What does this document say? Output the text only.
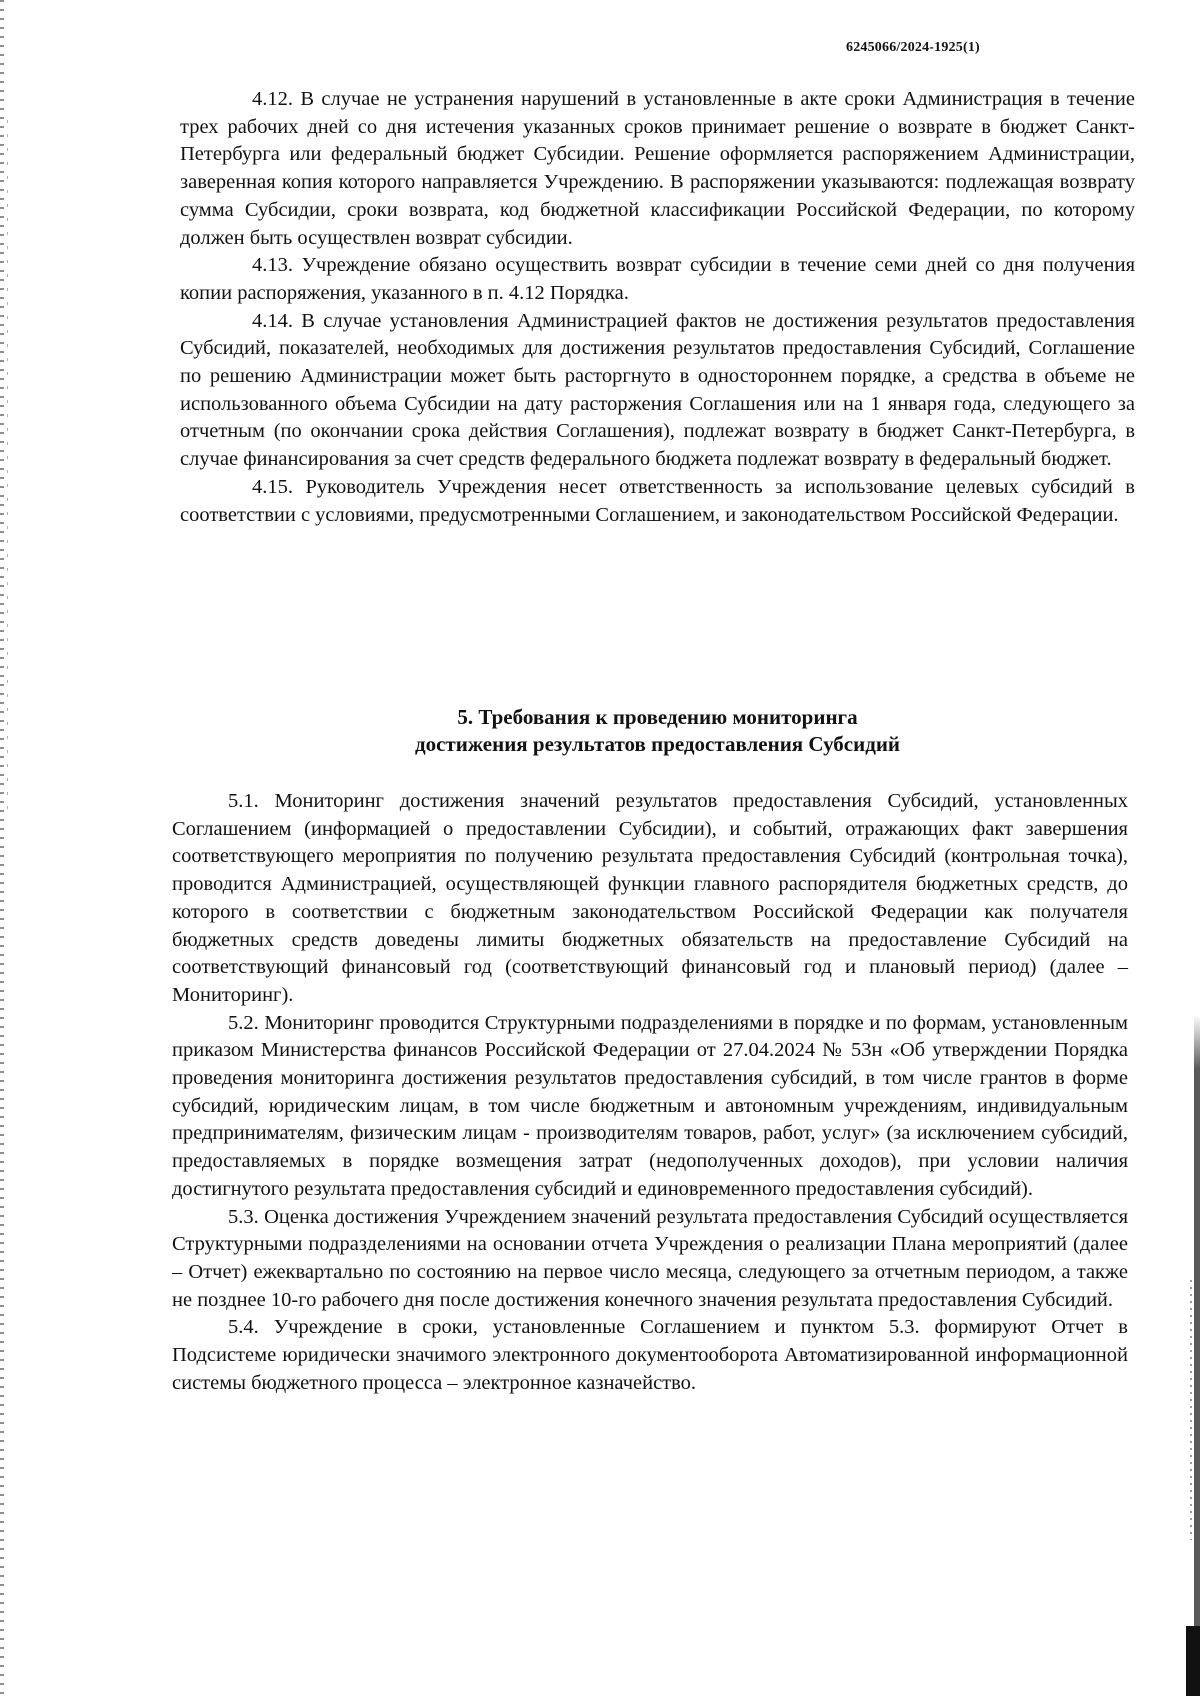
6245066/2024-1925(1)

4.12. В случае не устранения нарушений в установленные в акте сроки Администрация в течение трех рабочих дней со дня истечения указанных сроков принимает решение о возврате в бюджет Санкт-Петербурга или федеральный бюджет Субсидии. Решение оформляется распоряжением Администрации, заверенная копия которого направляется Учреждению. В распоряжении указываются: подлежащая возврату сумма Субсидии, сроки возврата, код бюджетной классификации Российской Федерации, по которому должен быть осуществлен возврат субсидии.

4.13. Учреждение обязано осуществить возврат субсидии в течение семи дней со дня получения копии распоряжения, указанного в п. 4.12 Порядка.

4.14. В случае установления Администрацией фактов не достижения результатов предоставления Субсидий, показателей, необходимых для достижения результатов предоставления Субсидий, Соглашение по решению Администрации может быть расторгнуто в одностороннем порядке, а средства в объеме не использованного объема Субсидии на дату расторжения Соглашения или на 1 января года, следующего за отчетным (по окончании срока действия Соглашения), подлежат возврату в бюджет Санкт-Петербурга, в случае финансирования за счет средств федерального бюджета подлежат возврату в федеральный бюджет.

4.15. Руководитель Учреждения несет ответственность за использование целевых субсидий в соответствии с условиями, предусмотренными Соглашением, и законодательством Российской Федерации.

5. Требования к проведению мониторинга
достижения результатов предоставления Субсидий

5.1. Мониторинг достижения значений результатов предоставления Субсидий, установленных Соглашением (информацией о предоставлении Субсидии), и событий, отражающих факт завершения соответствующего мероприятия по получению результата предоставления Субсидий (контрольная точка), проводится Администрацией, осуществляющей функции главного распорядителя бюджетных средств, до которого в соответствии с бюджетным законодательством Российской Федерации как получателя бюджетных средств доведены лимиты бюджетных обязательств на предоставление Субсидий на соответствующий финансовый год (соответствующий финансовый год и плановый период) (далее – Мониторинг).

5.2. Мониторинг проводится Структурными подразделениями в порядке и по формам, установленным приказом Министерства финансов Российской Федерации от 27.04.2024 № 53н «Об утверждении Порядка проведения мониторинга достижения результатов предоставления субсидий, в том числе грантов в форме субсидий, юридическим лицам, в том числе бюджетным и автономным учреждениям, индивидуальным предпринимателям, физическим лицам - производителям товаров, работ, услуг» (за исключением субсидий, предоставляемых в порядке возмещения затрат (недополученных доходов), при условии наличия достигнутого результата предоставления субсидий и единовременного предоставления субсидий).

5.3. Оценка достижения Учреждением значений результата предоставления Субсидий осуществляется Структурными подразделениями на основании отчета Учреждения о реализации Плана мероприятий (далее – Отчет) ежеквартально по состоянию на первое число месяца, следующего за отчетным периодом, а также не позднее 10-го рабочего дня после достижения конечного значения результата предоставления Субсидий.

5.4. Учреждение в сроки, установленные Соглашением и пунктом 5.3. формируют Отчет в Подсистеме юридически значимого электронного документооборота Автоматизированной информационной системы бюджетного процесса – электронное казначейство.
